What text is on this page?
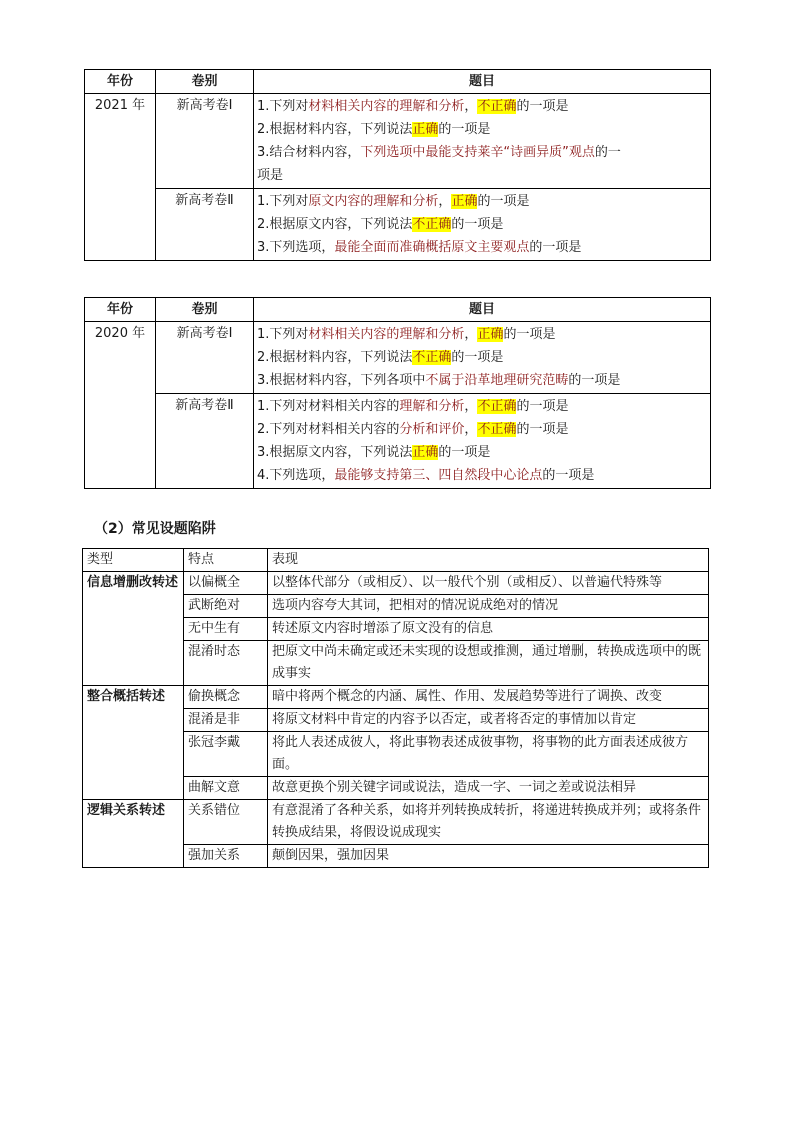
年份	卷别	题目
2021 年	新高考卷Ⅰ	1.下列对材料相关内容的理解和分析，不正确的一项是
2.根据材料内容，下列说法正确的一项是
3.结合材料内容，下列选项中最能支持莱辛“诗画异质”观点的一
项是

	新高考卷Ⅱ	1.下列对原文内容的理解和分析，正确的一项是
2.根据原文内容，下列说法不正确的一项是
3.下列选项，最能全面而准确概括原文主要观点的一项是
年份	卷别	题目
2020 年	新高考卷Ⅰ	1.下列对材料相关内容的理解和分析，正确的一项是
2.根据材料内容，下列说法不正确的一项是
3.根据材料内容，下列各项中不属于沿革地理研究范畴的一项是

	新高考卷Ⅱ	1.下列对材料相关内容的理解和分析，不正确的一项是
2.下列对材料相关内容的分析和评价，不正确的一项是
3.根据原文内容，下列说法正确的一项是
4.下列选项，最能够支持第三、四自然段中心论点的一项是
（2）常见设题陷阱
类型	特点	表现
信息增删改转述	以偏概全	以整体代部分（或相反）、以一般代个别（或相反）、以普遍代特殊等
	武断绝对	选项内容夸大其词，把相对的情况说成绝对的情况
	无中生有	转述原文内容时增添了原文没有的信息
	混淆时态	把原文中尚未确定或还未实现的设想或推测，通过增删，转换成选项中的既成事实
整合概括转述	偷换概念	暗中将两个概念的内涵、属性、作用、发展趋势等进行了调换、改变
	混淆是非	将原文材料中肯定的内容予以否定，或者将否定的事情加以肯定
	张冠李戴	将此人表述成彼人，将此事物表述成彼事物，将事物的此方面表述成彼方面。
	曲解文意	故意更换个别关键字词或说法，造成一字、一词之差或说法相异
逻辑关系转述	关系错位	有意混淆了各种关系，如将并列转换成转折，将递进转换成并列；或将条件转换成结果，将假设说成现实
	强加关系	颠倒因果，强加因果
